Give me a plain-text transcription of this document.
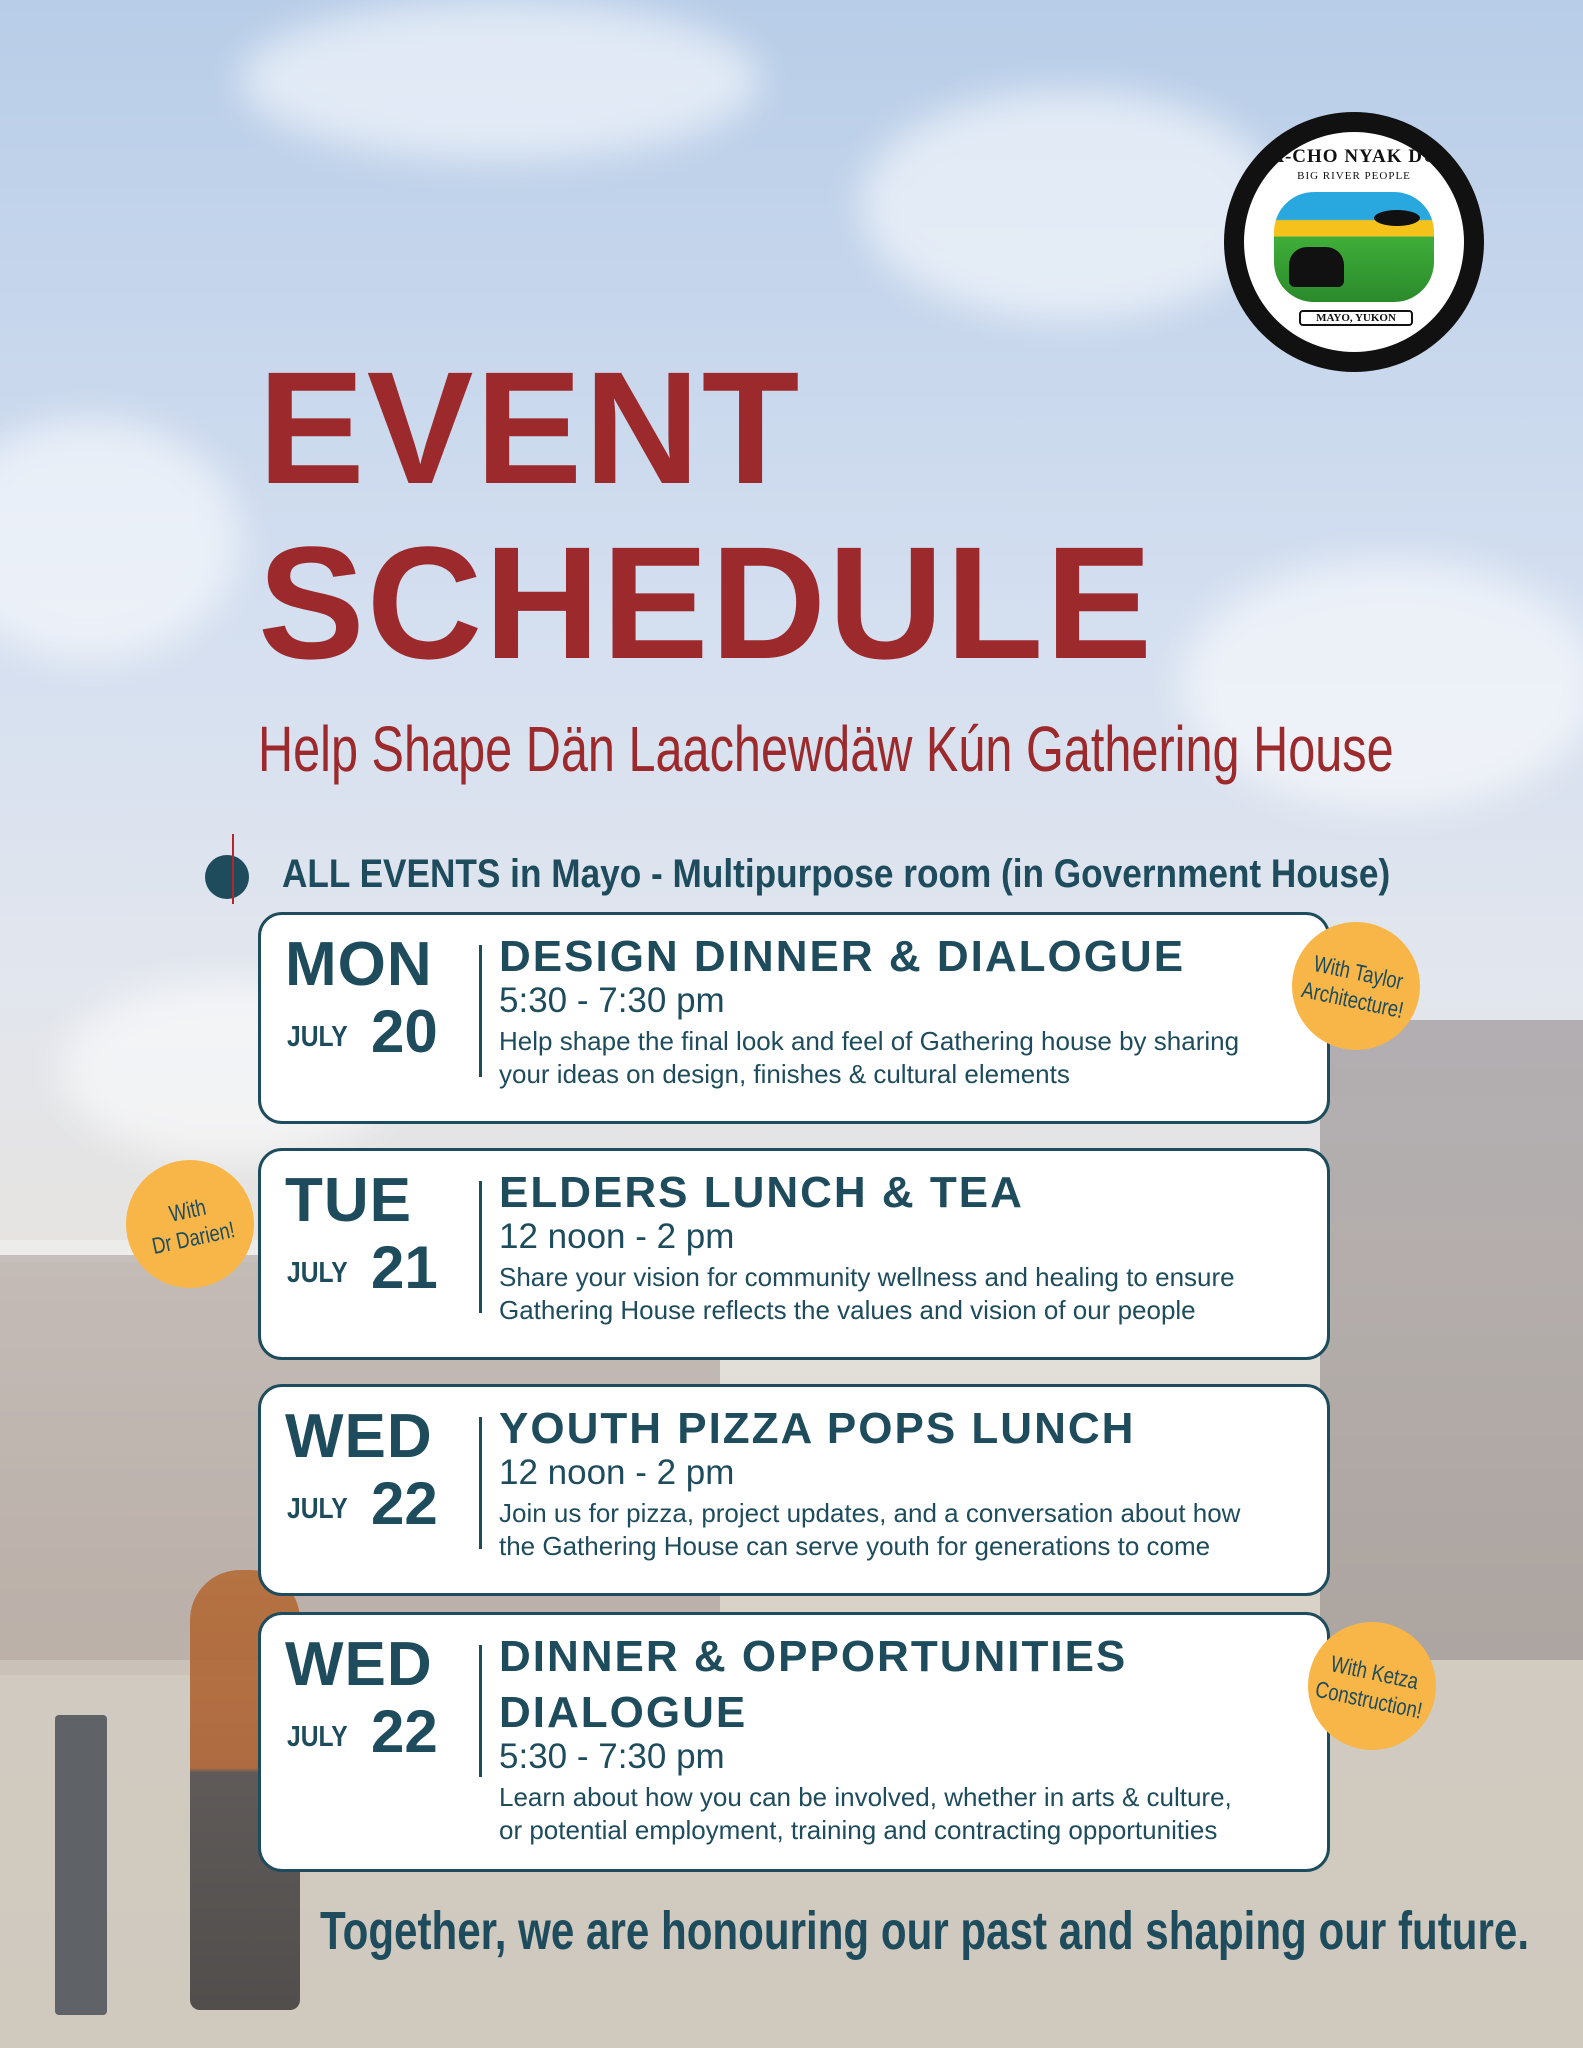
NA-CHO NYAK DUN
BIG RIVER PEOPLE
MAYO, YUKON
EVENT
SCHEDULE
Help Shape Dän Laachewdäw Kún Gathering House
ALL EVENTS in Mayo - Multipurpose room (in Government House)
MON
JULY 20
DESIGN DINNER & DIALOGUE
5:30 - 7:30 pm
Help shape the final look and feel of Gathering house by sharing
your ideas on design, finishes & cultural elements
TUE
JULY 21
ELDERS LUNCH & TEA
12 noon - 2 pm
Share your vision for community wellness and healing to ensure
Gathering House reflects the values and vision of our people
WED
JULY 22
YOUTH PIZZA POPS LUNCH
12 noon - 2 pm
Join us for pizza, project updates, and a conversation about how
the Gathering House can serve youth for generations to come
WED
JULY 22
DINNER & OPPORTUNITIES
DIALOGUE
5:30 - 7:30 pm
Learn about how you can be involved, whether in arts & culture,
or potential employment, training and contracting opportunities
With Taylor
Architecture!
With
Dr Darien!
With Ketza
Construction!
Together, we are honouring our past and shaping our future.
